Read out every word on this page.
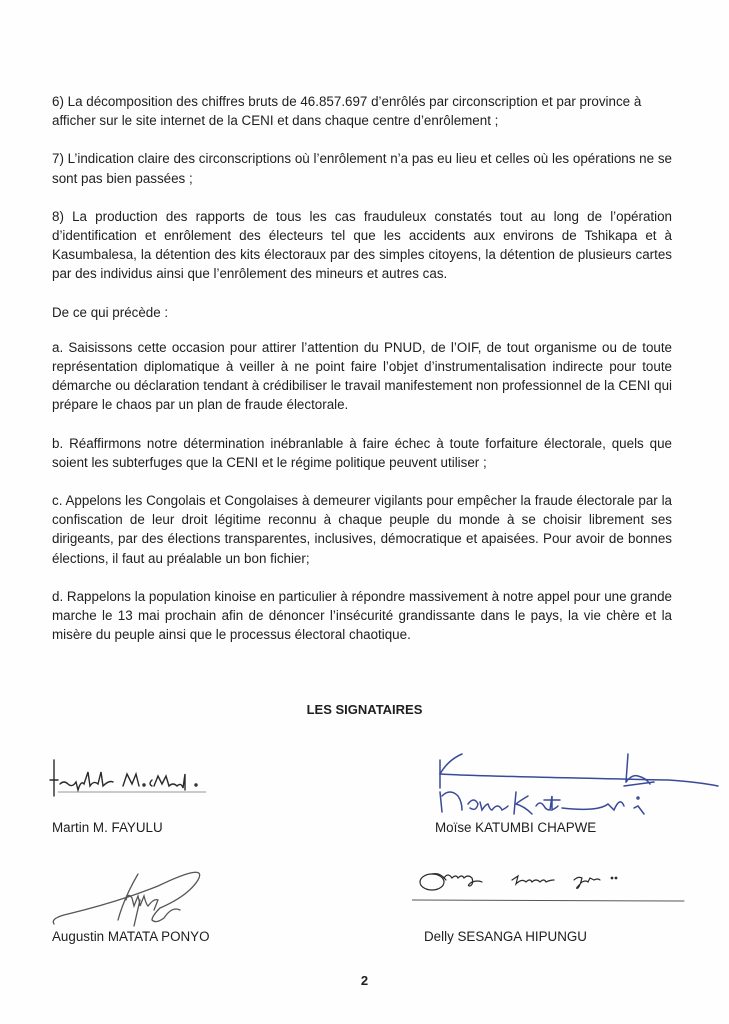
6) La décomposition des chiffres bruts de 46.857.697 d’enrôlés par circonscription et par province à afficher sur le site internet de la CENI et dans chaque centre d’enrôlement ;

7) L’indication claire des circonscriptions où l’enrôlement n’a pas eu lieu et celles où les opérations ne se sont pas bien passées ;

8) La production des rapports de tous les cas frauduleux constatés tout au long de l’opération d’identification et enrôlement des électeurs tel que les accidents aux environs de Tshikapa et à Kasumbalesa, la détention des kits électoraux par des simples citoyens, la détention de plusieurs cartes par des individus ainsi que l’enrôlement des mineurs et autres cas.

De ce qui précède :

a. Saisissons cette occasion pour attirer l’attention du PNUD, de l’OIF, de tout organisme ou de toute représentation diplomatique à veiller à ne point faire l’objet d’instrumentalisation indirecte pour toute démarche ou déclaration tendant à crédibiliser le travail manifestement non professionnel de la CENI qui prépare le chaos par un plan de fraude électorale.

b. Réaffirmons notre détermination inébranlable à faire échec à toute forfaiture électorale, quels que soient les subterfuges que la CENI et le régime politique peuvent utiliser ;

c. Appelons les Congolais et Congolaises à demeurer vigilants pour empêcher la fraude électorale par la confiscation de leur droit légitime reconnu à chaque peuple du monde à se choisir librement ses dirigeants, par des élections transparentes, inclusives, démocratique et apaisées. Pour avoir de bonnes élections, il faut au préalable un bon fichier;

d. Rappelons la population kinoise en particulier à répondre massivement à notre appel pour une grande marche le 13 mai prochain afin de dénoncer l’insécurité grandissante dans le pays, la vie chère et la misère du peuple ainsi que le processus électoral chaotique.

LES SIGNATAIRES
Martin M. FAYULU	Moïse KATUMBI CHAPWE
Augustin MATATA PONYO	Delly SESANGA HIPUNGU
2
